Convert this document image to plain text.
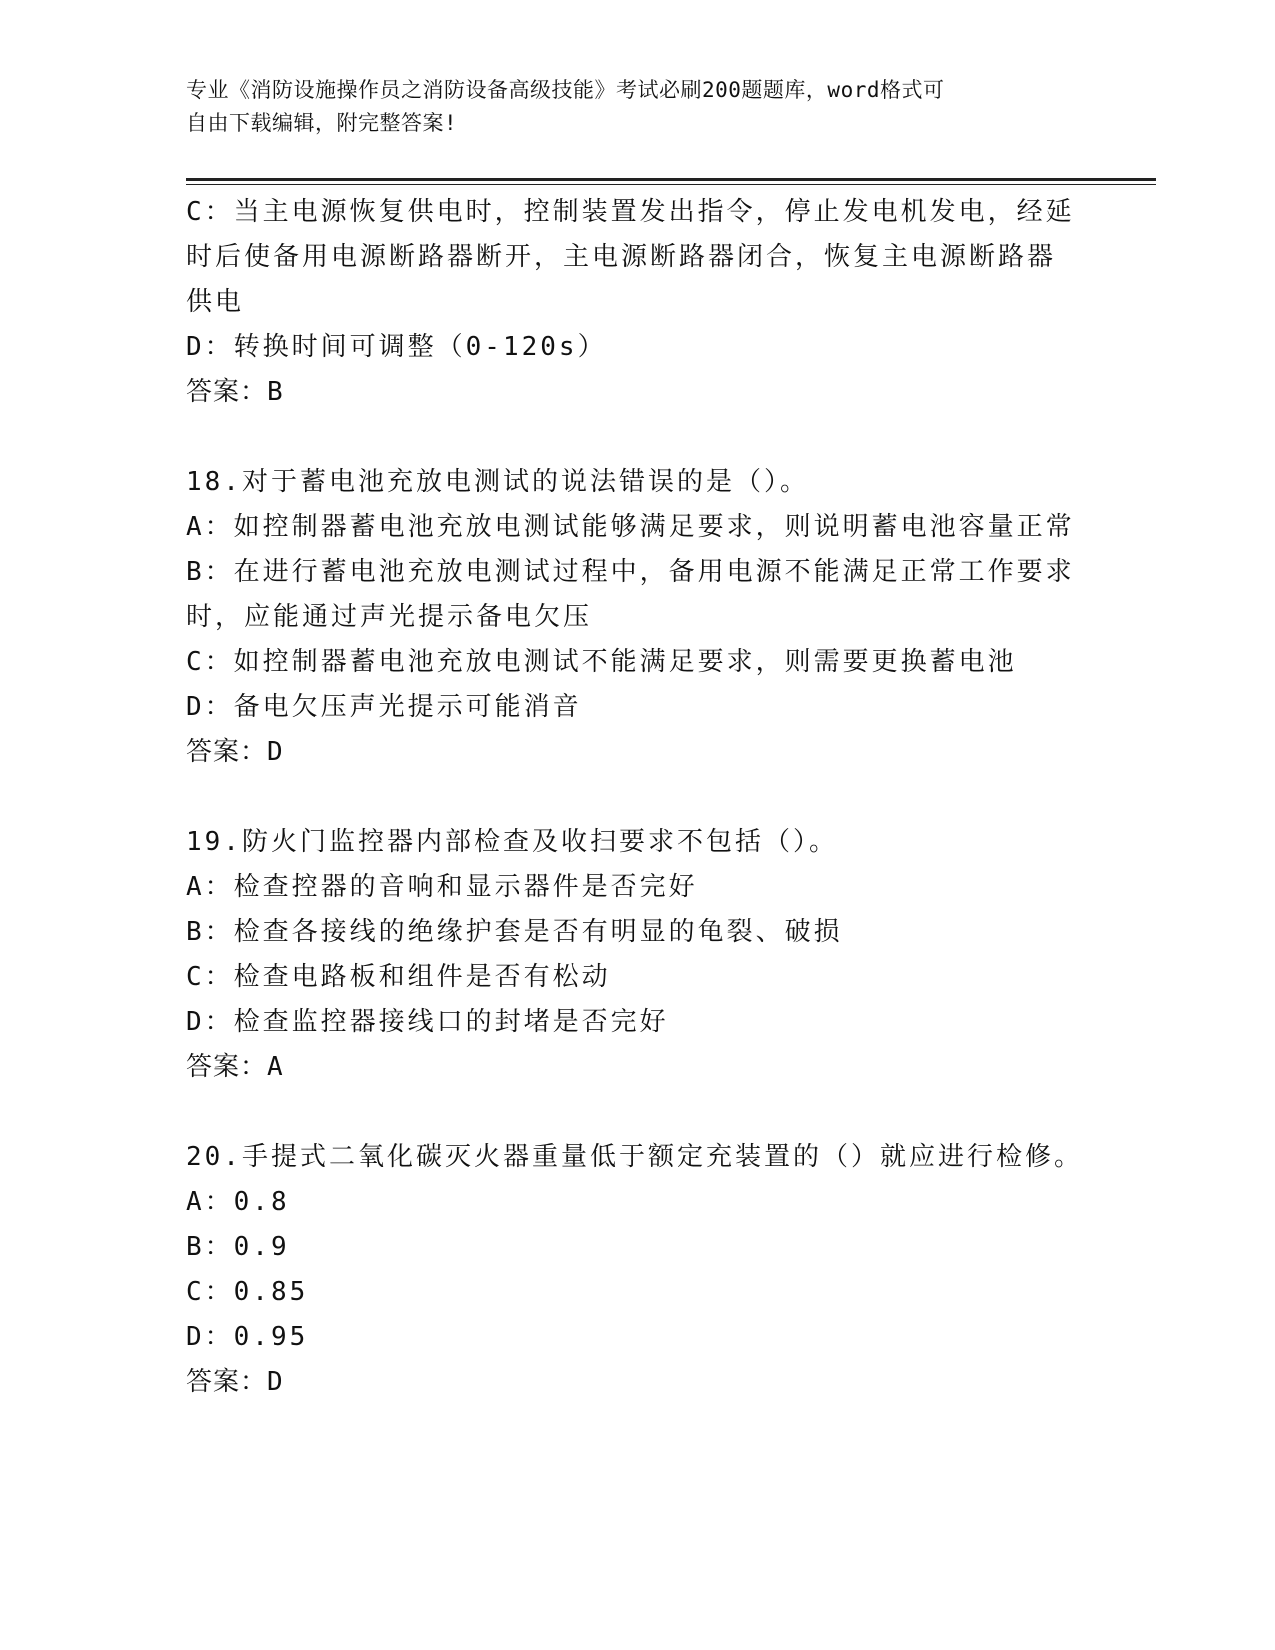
专业《消防设施操作员之消防设备高级技能》考试必刷200题题库，word格式可
自由下载编辑，附完整答案!

C：当主电源恢复供电时，控制装置发出指令，停止发电机发电，经延

时后使备用电源断路器断开，主电源断路器闭合，恢复主电源断路器

供电

D：转换时间可调整（0-120s）

答案：B

18.对于蓄电池充放电测试的说法错误的是（）。

A：如控制器蓄电池充放电测试能够满足要求，则说明蓄电池容量正常

B：在进行蓄电池充放电测试过程中，备用电源不能满足正常工作要求

时，应能通过声光提示备电欠压

C：如控制器蓄电池充放电测试不能满足要求，则需要更换蓄电池

D：备电欠压声光提示可能消音

答案：D

19.防火门监控器内部检查及收扫要求不包括（）。

A：检查控器的音响和显示器件是否完好

B：检查各接线的绝缘护套是否有明显的龟裂、破损

C：检查电路板和组件是否有松动

D：检查监控器接线口的封堵是否完好

答案：A

20.手提式二氧化碳灭火器重量低于额定充装置的（）就应进行检修。

A：0.8

B：0.9

C：0.85

D：0.95

答案：D
